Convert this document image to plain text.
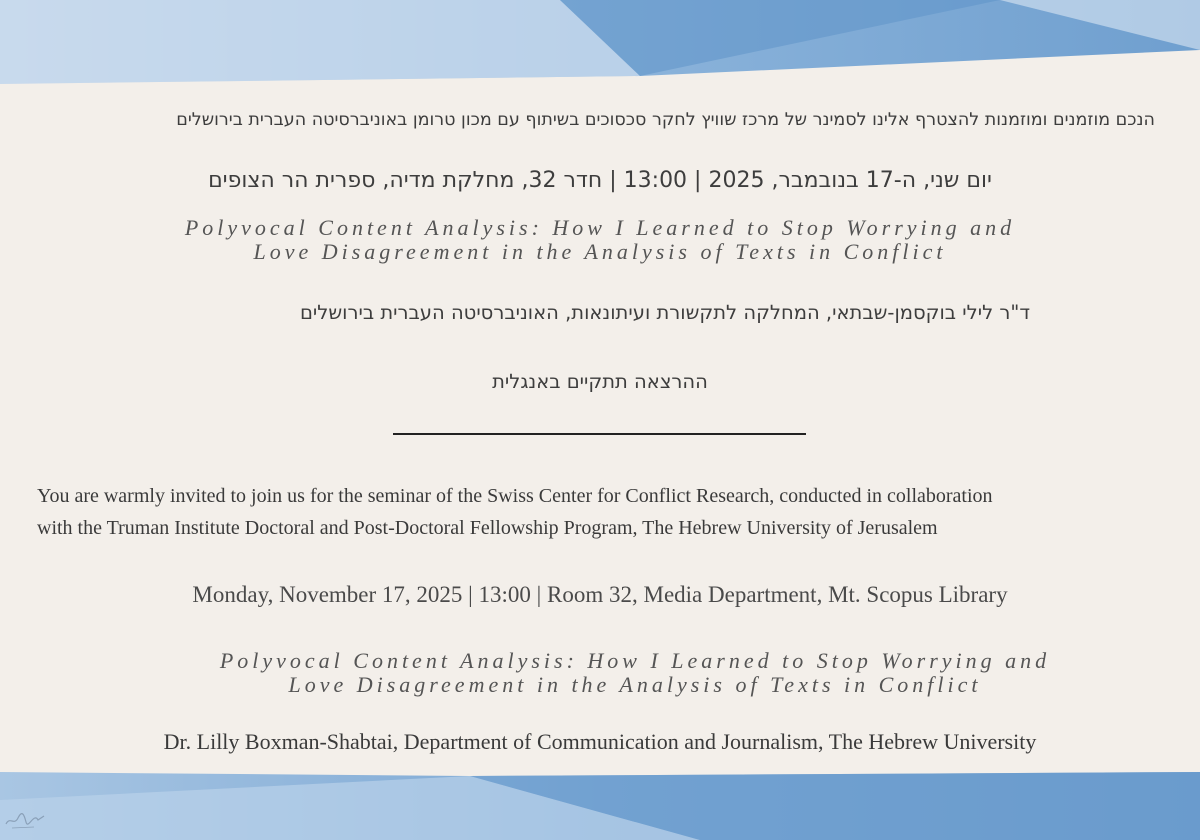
הנכם מוזמנים ומוזמנות להצטרף אלינו לסמינר של מרכז שוויץ לחקר סכסוכים בשיתוף עם מכון טרומן באוניברסיטה העברית בירושלים

יום שני, ה-17 בנובמבר, 2025 | 13:00 | חדר 32, מחלקת מדיה, ספרית הר הצופים

Polyvocal Content Analysis: How I Learned to Stop Worrying and

Love Disagreement in the Analysis of Texts in Conflict

ד"ר לילי בוקסמן-שבתאי, המחלקה לתקשורת ועיתונאות, האוניברסיטה העברית בירושלים

ההרצאה תתקיים באנגלית

You are warmly invited to join us for the seminar of the Swiss Center for Conflict Research, conducted in collaboration

with the Truman Institute Doctoral and Post-Doctoral Fellowship Program, The Hebrew University of Jerusalem

Monday, November 17, 2025 | 13:00 | Room 32, Media Department, Mt. Scopus Library

Polyvocal Content Analysis: How I Learned to Stop Worrying and

Love Disagreement in the Analysis of Texts in Conflict

Dr. Lilly Boxman-Shabtai, Department of Communication and Journalism, The Hebrew University
